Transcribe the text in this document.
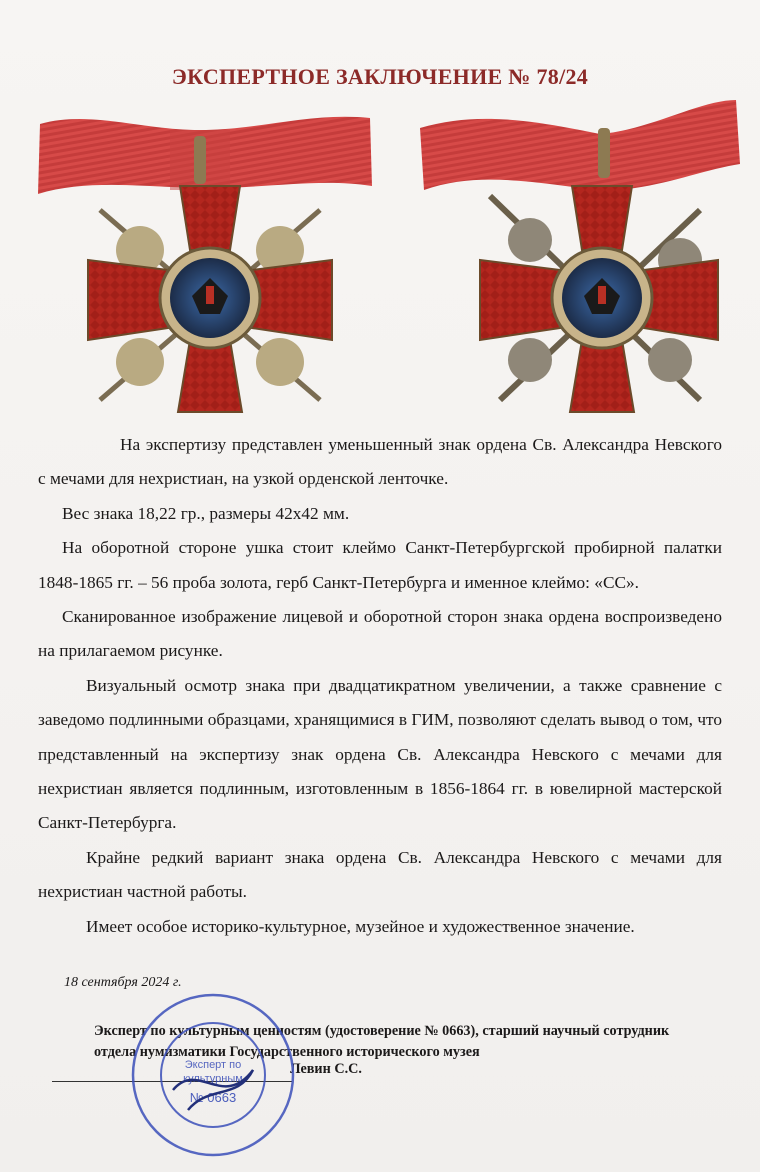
ЭКСПЕРТНОЕ ЗАКЛЮЧЕНИЕ № 78/24

На экспертизу представлен уменьшенный знак ордена Св. Александра Невского с мечами для нехристиан, на узкой орденской ленточке.

Вес знака 18,22 гр., размеры 42х42 мм.

На оборотной стороне ушка стоит клеймо Санкт-Петербургской пробирной палатки 1848-1865 гг. – 56 проба золота, герб Санкт-Петербурга и именное клеймо: «СС».

Сканированное изображение лицевой и оборотной сторон знака ордена воспроизведено на прилагаемом рисунке.

Визуальный осмотр знака при двадцатикратном увеличении, а также сравнение с заведомо подлинными образцами, хранящимися в ГИМ, позволяют сделать вывод о том, что представленный на экспертизу знак ордена Св. Александра Невского с мечами для нехристиан является подлинным, изготовленным в 1856-1864 гг. в ювелирной мастерской Санкт-Петербурга.

Крайне редкий вариант знака ордена Св. Александра Невского с мечами для нехристиан частной работы.

Имеет особое историко-культурное, музейное и художественное значение.

18 сентября 2024 г.
Эксперт по культурным ценностям (удостоверение № 0663), старший научный сотрудник отдела нумизматики Государственного исторического музея
Левин С.С.
Эксперт по
культурным
№ 0663
